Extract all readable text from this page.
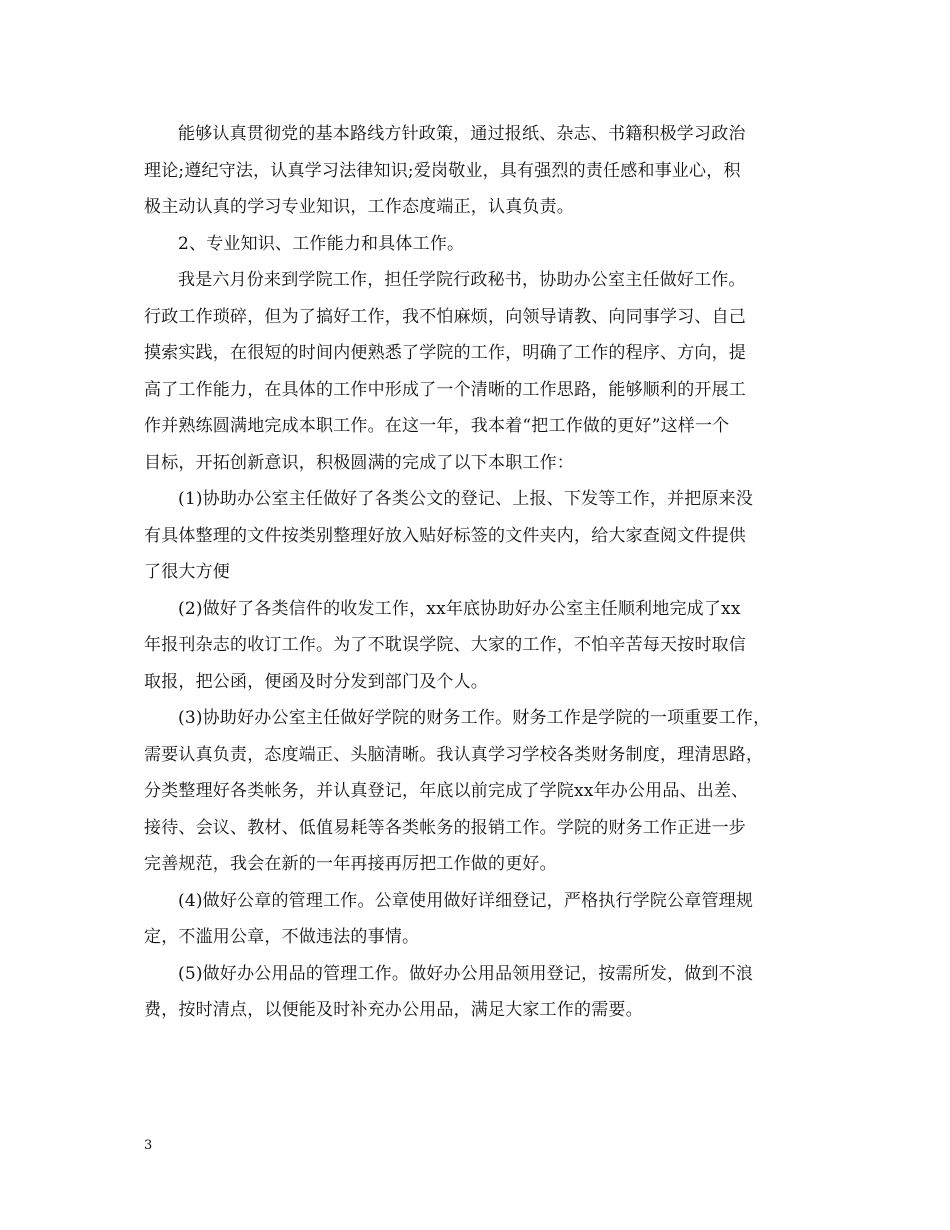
能够认真贯彻党的基本路线方针政策，通过报纸、杂志、书籍积极学习政治
理论;遵纪守法，认真学习法律知识;爱岗敬业，具有强烈的责任感和事业心，积
极主动认真的学习专业知识，工作态度端正，认真负责。
2、专业知识、工作能力和具体工作。
我是六月份来到学院工作，担任学院行政秘书，协助办公室主任做好工作。
行政工作琐碎，但为了搞好工作，我不怕麻烦，向领导请教、向同事学习、自己
摸索实践，在很短的时间内便熟悉了学院的工作，明确了工作的程序、方向，提
高了工作能力，在具体的工作中形成了一个清晰的工作思路，能够顺利的开展工
作并熟练圆满地完成本职工作。在这一年，我本着“把工作做的更好”这样一个
目标，开拓创新意识，积极圆满的完成了以下本职工作：
(1)协助办公室主任做好了各类公文的登记、上报、下发等工作，并把原来没
有具体整理的文件按类别整理好放入贴好标签的文件夹内，给大家查阅文件提供
了很大方便
(2)做好了各类信件的收发工作，xx年底协助好办公室主任顺利地完成了xx
年报刊杂志的收订工作。为了不耽误学院、大家的工作，不怕辛苦每天按时取信
取报，把公函，便函及时分发到部门及个人。
(3)协助好办公室主任做好学院的财务工作。财务工作是学院的一项重要工作，
需要认真负责，态度端正、头脑清晰。我认真学习学校各类财务制度，理清思路，
分类整理好各类帐务，并认真登记，年底以前完成了学院xx年办公用品、出差、
接待、会议、教材、低值易耗等各类帐务的报销工作。学院的财务工作正进一步
完善规范，我会在新的一年再接再厉把工作做的更好。
(4)做好公章的管理工作。公章使用做好详细登记，严格执行学院公章管理规
定，不滥用公章，不做违法的事情。
(5)做好办公用品的管理工作。做好办公用品领用登记，按需所发，做到不浪
费，按时清点，以便能及时补充办公用品，满足大家工作的需要。
3
